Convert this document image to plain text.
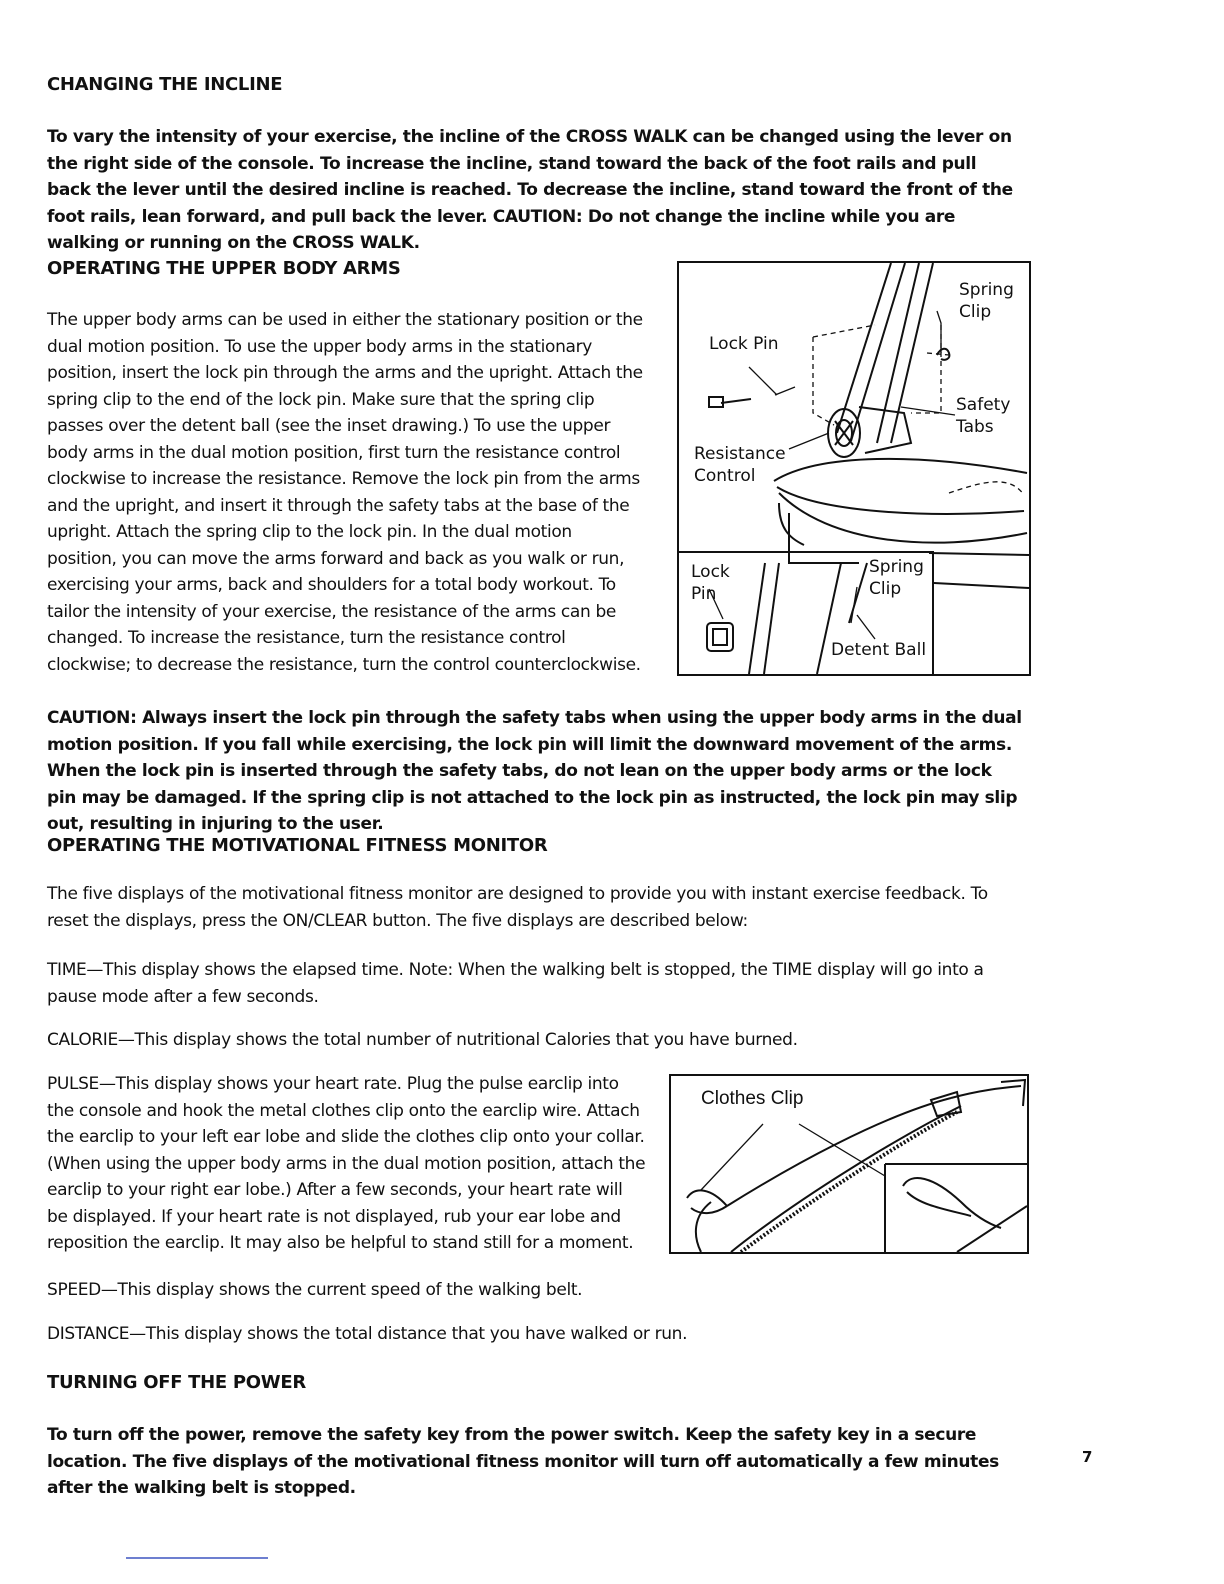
CHANGING THE INCLINE

To vary the intensity of your exercise, the incline of the CROSS WALK can be changed using the lever on the right side of the console. To increase the incline, stand toward the back of the foot rails and pull back the lever until the desired incline is reached. To decrease the incline, stand toward the front of the foot rails, lean forward, and pull back the lever. CAUTION: Do not change the incline while you are walking or running on the CROSS WALK.

OPERATING THE UPPER BODY ARMS

The upper body arms can be used in either the stationary position or the dual motion position. To use the upper body arms in the stationary position, insert the lock pin through the arms and the upright. Attach the spring clip to the end of the lock pin. Make sure that the spring clip passes over the detent ball (see the inset drawing.) To use the upper body arms in the dual motion position, first turn the resistance control clockwise to increase the resistance. Remove the lock pin from the arms and the upright, and insert it through the safety tabs at the base of the upright. Attach the spring clip to the lock pin. In the dual motion position, you can move the arms forward and back as you walk or run, exercising your arms, back and shoulders for a total body workout. To tailor the intensity of your exercise, the resistance of the arms can be changed. To increase the resistance, turn the resistance control clockwise; to decrease the resistance, turn the control counterclockwise.

Spring
Clip
Lock Pin
Safety
Tabs
Resistance
Control
Lock
Pin
Spring
Clip
Detent Ball

CAUTION: Always insert the lock pin through the safety tabs when using the upper body arms in the dual motion position. If you fall while exercising, the lock pin will limit the downward movement of the arms. When the lock pin is inserted through the safety tabs, do not lean on the upper body arms or the lock pin may be damaged. If the spring clip is not attached to the lock pin as instructed, the lock pin may slip out, resulting in injuring to the user.

OPERATING THE MOTIVATIONAL FITNESS MONITOR

The five displays of the motivational fitness monitor are designed to provide you with instant exercise feedback. To reset the displays, press the ON/CLEAR button. The five displays are described below:

TIME—This display shows the elapsed time. Note: When the walking belt is stopped, the TIME display will go into a pause mode after a few seconds.

CALORIE—This display shows the total number of nutritional Calories that you have burned.

PULSE—This display shows your heart rate. Plug the pulse earclip into the console and hook the metal clothes clip onto the earclip wire. Attach the earclip to your left ear lobe and slide the clothes clip onto your collar. (When using the upper body arms in the dual motion position, attach the earclip to your right ear lobe.) After a few seconds, your heart rate will be displayed. If your heart rate is not displayed, rub your ear lobe and reposition the earclip. It may also be helpful to stand still for a moment.

Clothes Clip

SPEED—This display shows the current speed of the walking belt.

DISTANCE—This display shows the total distance that you have walked or run.

TURNING OFF THE POWER

To turn off the power, remove the safety key from the power switch. Keep the safety key in a secure location. The five displays of the motivational fitness monitor will turn off automatically a few minutes after the walking belt is stopped.

7
